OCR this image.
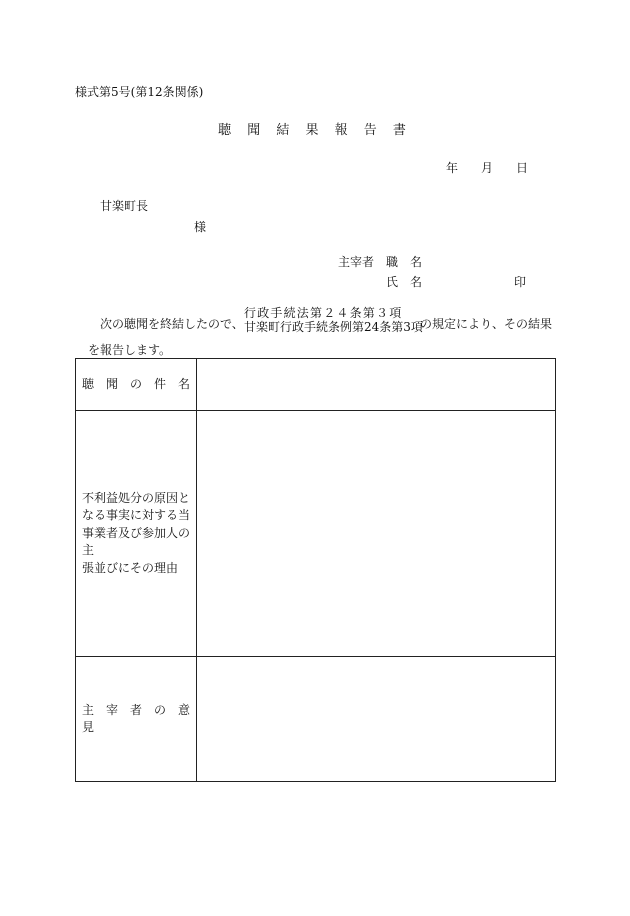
様式第5号(第12条関係)
聴 聞 結 果 報 告 書
年 月 日
甘楽町長
様
主宰者 職　名
氏　名	印
次の聴聞を終結したので、
行政手続法第２４条第３項
甘楽町行政手続条例第24条第3項
の規定により、その結果
を報告します。
聴　聞　の　件　名	

不利益処分の原因と
なる事実に対する当
事業者及び参加人の主
張並びにその理由	

主　宰　者　の　意　見	
